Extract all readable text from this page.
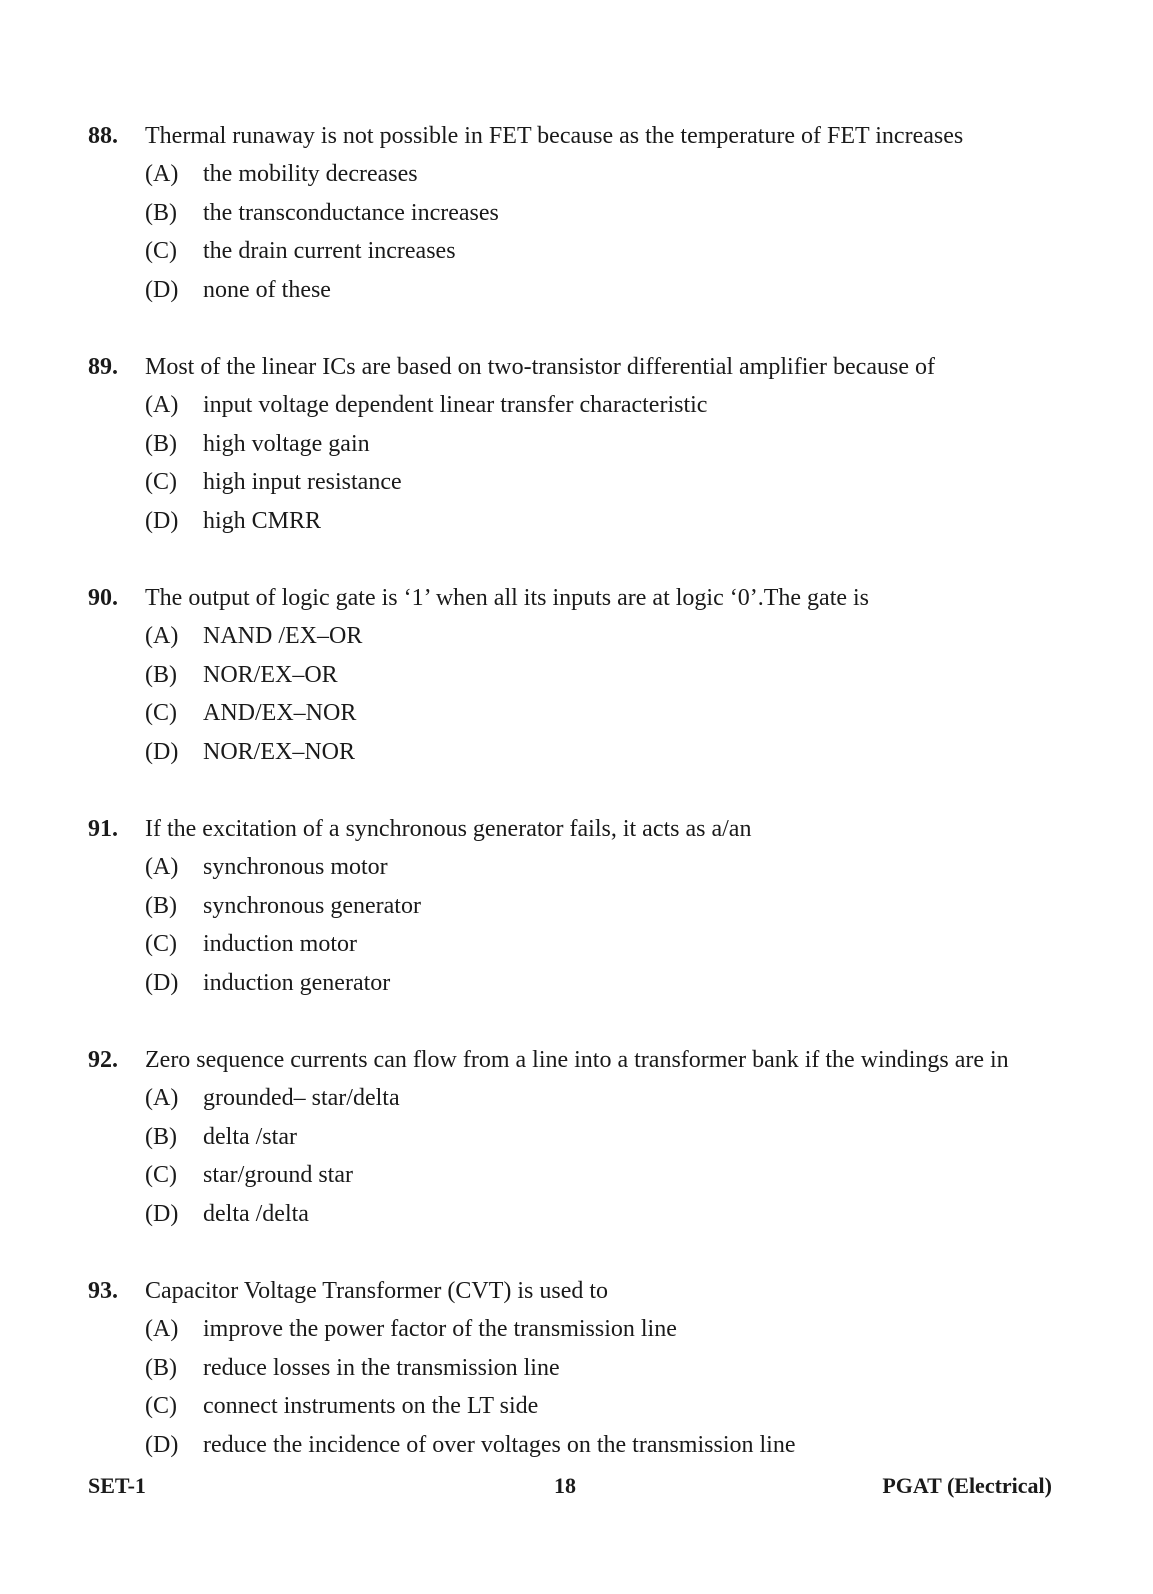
88. Thermal runaway is not possible in FET because as the temperature of FET increases
(A) the mobility decreases
(B) the transconductance increases
(C) the drain current increases
(D) none of these
89. Most of the linear ICs are based on two-transistor differential amplifier because of
(A) input voltage dependent linear transfer characteristic
(B) high voltage gain
(C) high input resistance
(D) high CMRR
90. The output of logic gate is ‘1’ when all its inputs are at logic ‘0’.The gate is
(A) NAND /EX–OR
(B) NOR/EX–OR
(C) AND/EX–NOR
(D) NOR/EX–NOR
91. If the excitation of a synchronous generator fails, it acts as a/an
(A) synchronous motor
(B) synchronous generator
(C) induction motor
(D) induction generator
92. Zero sequence currents can flow from a line into a transformer bank if the windings are in
(A) grounded– star/delta
(B) delta /star
(C) star/ground star
(D) delta /delta
93. Capacitor Voltage Transformer (CVT) is used to
(A) improve the power factor of the transmission line
(B) reduce losses in the transmission line
(C) connect instruments on the LT side
(D) reduce the incidence of over voltages on the transmission line
SET-1	18	PGAT (Electrical)
